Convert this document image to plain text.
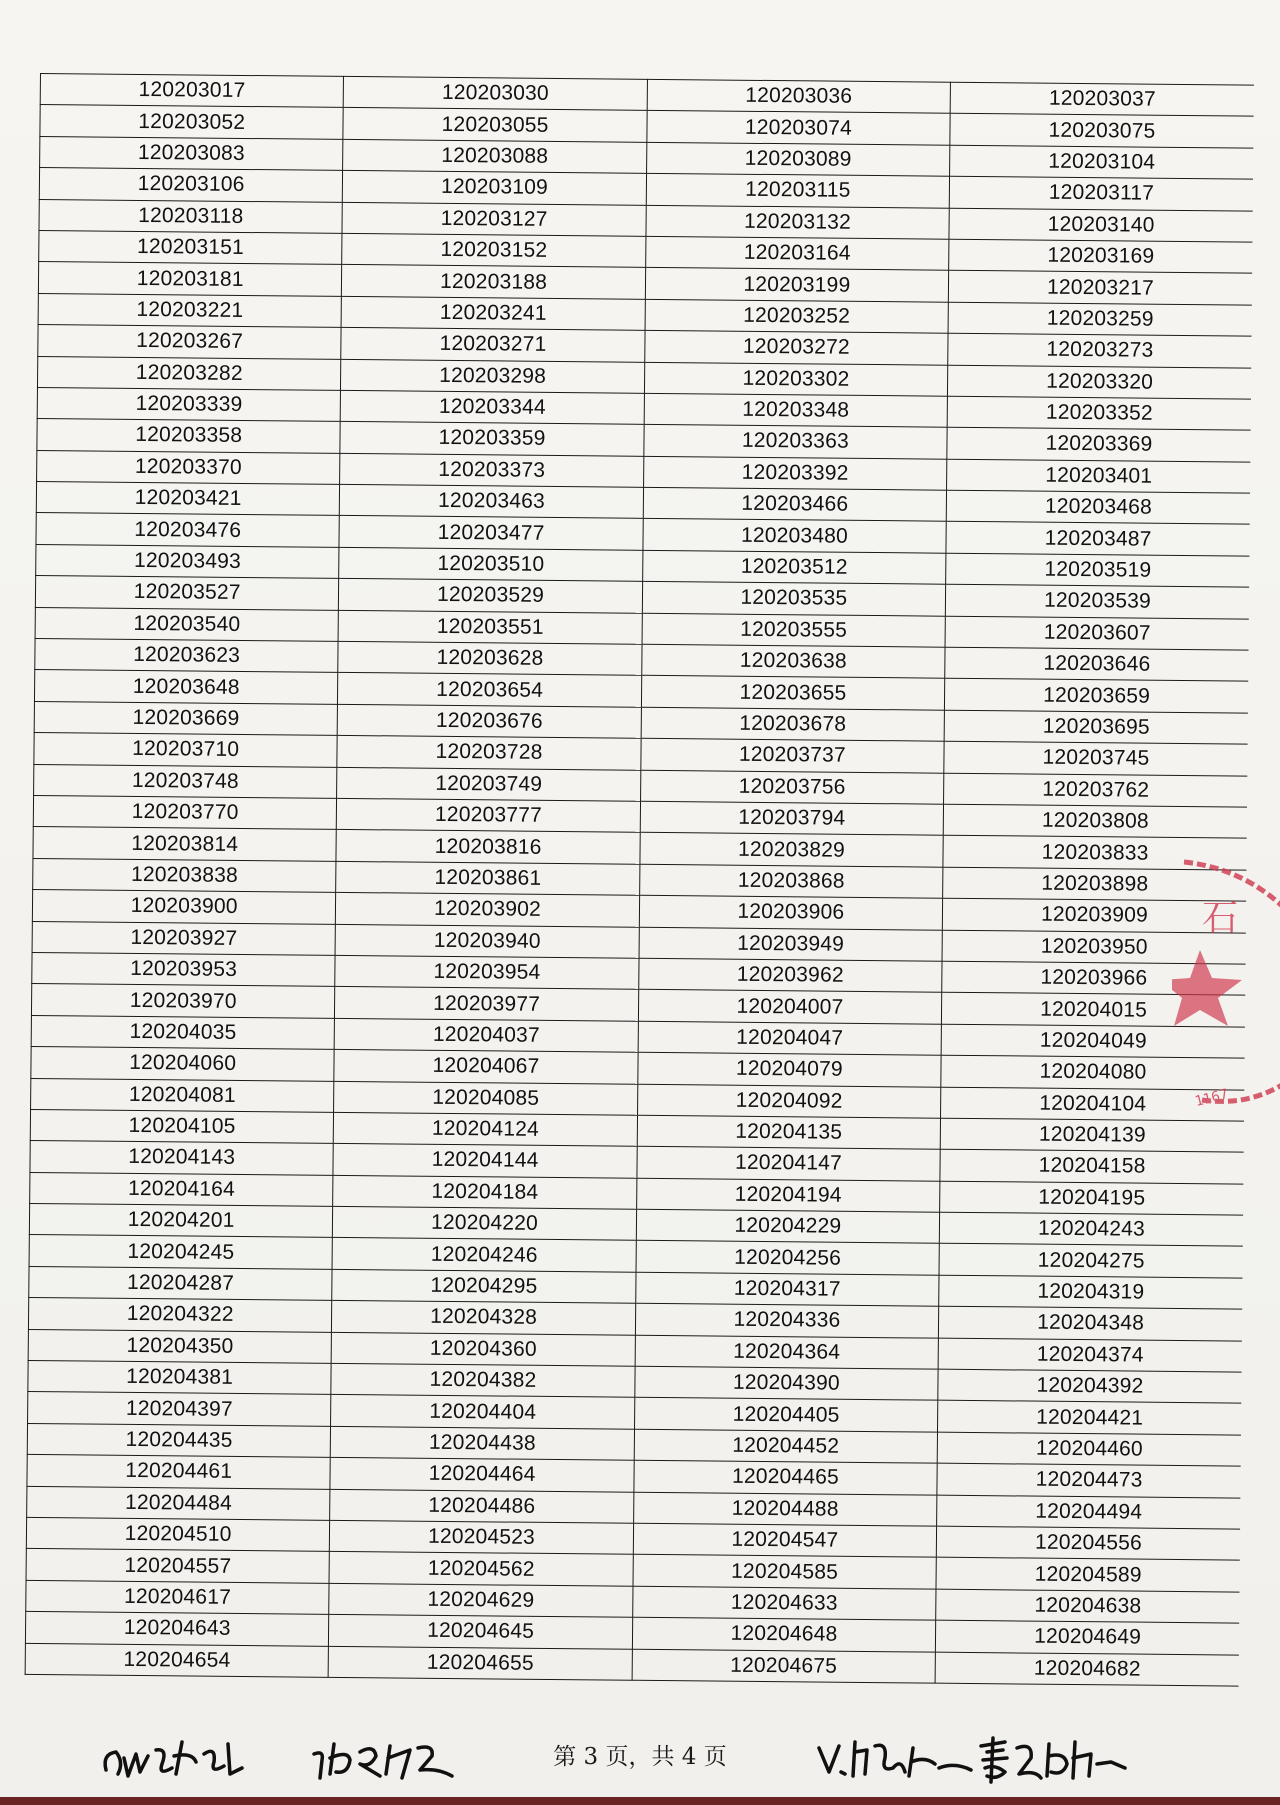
120203017	120203030	120203036	120203037
120203052	120203055	120203074	120203075
120203083	120203088	120203089	120203104
120203106	120203109	120203115	120203117
120203118	120203127	120203132	120203140
120203151	120203152	120203164	120203169
120203181	120203188	120203199	120203217
120203221	120203241	120203252	120203259
120203267	120203271	120203272	120203273
120203282	120203298	120203302	120203320
120203339	120203344	120203348	120203352
120203358	120203359	120203363	120203369
120203370	120203373	120203392	120203401
120203421	120203463	120203466	120203468
120203476	120203477	120203480	120203487
120203493	120203510	120203512	120203519
120203527	120203529	120203535	120203539
120203540	120203551	120203555	120203607
120203623	120203628	120203638	120203646
120203648	120203654	120203655	120203659
120203669	120203676	120203678	120203695
120203710	120203728	120203737	120203745
120203748	120203749	120203756	120203762
120203770	120203777	120203794	120203808
120203814	120203816	120203829	120203833
120203838	120203861	120203868	120203898
120203900	120203902	120203906	120203909
120203927	120203940	120203949	120203950
120203953	120203954	120203962	120203966
120203970	120203977	120204007	120204015
120204035	120204037	120204047	120204049
120204060	120204067	120204079	120204080
120204081	120204085	120204092	120204104
120204105	120204124	120204135	120204139
120204143	120204144	120204147	120204158
120204164	120204184	120204194	120204195
120204201	120204220	120204229	120204243
120204245	120204246	120204256	120204275
120204287	120204295	120204317	120204319
120204322	120204328	120204336	120204348
120204350	120204360	120204364	120204374
120204381	120204382	120204390	120204392
120204397	120204404	120204405	120204421
120204435	120204438	120204452	120204460
120204461	120204464	120204465	120204473
120204484	120204486	120204488	120204494
120204510	120204523	120204547	120204556
120204557	120204562	120204585	120204589
120204617	120204629	120204633	120204638
120204643	120204645	120204648	120204649
120204654	120204655	120204675	120204682
石
1167

第 3 页，共 4 页
